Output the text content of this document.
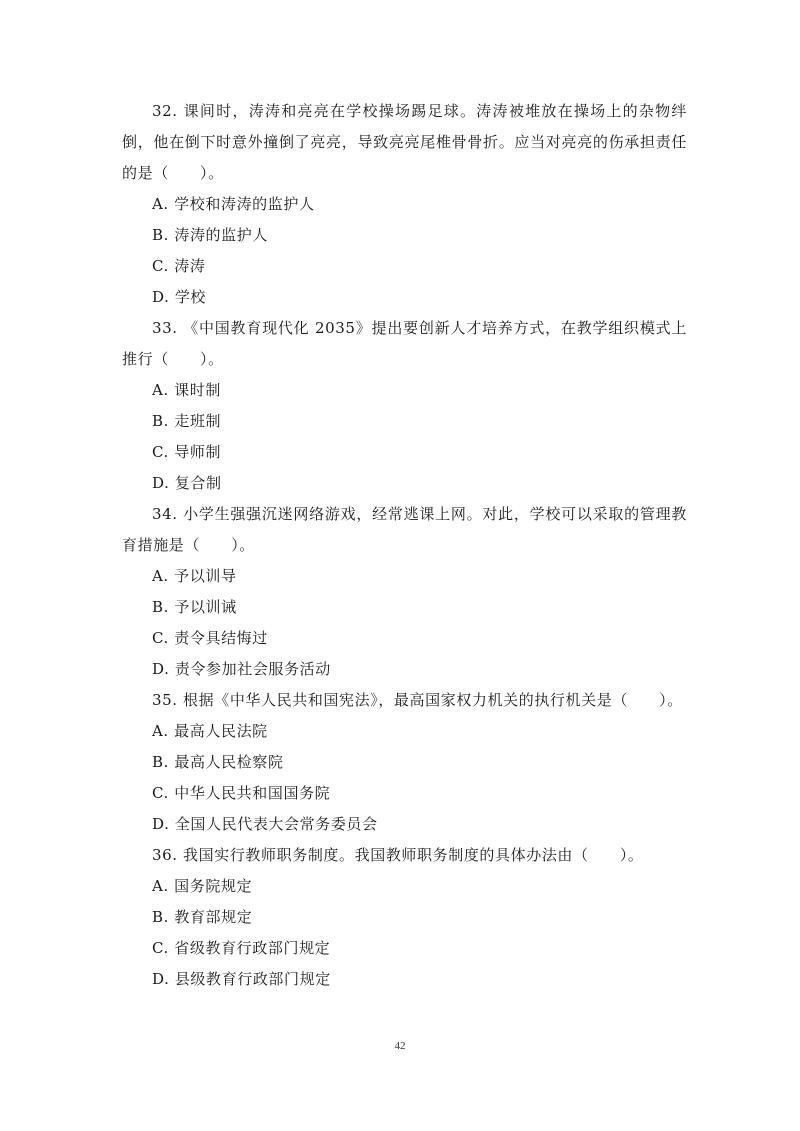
32. 课间时，涛涛和亮亮在学校操场踢足球。涛涛被堆放在操场上的杂物绊倒，他在倒下时意外撞倒了亮亮，导致亮亮尾椎骨骨折。应当对亮亮的伤承担责任的是（　　）。

A. 学校和涛涛的监护人

B. 涛涛的监护人

C. 涛涛

D. 学校

33. 《中国教育现代化 2035》提出要创新人才培养方式，在教学组织模式上推行（　　）。

A. 课时制

B. 走班制

C. 导师制

D. 复合制

34. 小学生强强沉迷网络游戏，经常逃课上网。对此，学校可以采取的管理教育措施是（　　）。

A. 予以训导

B. 予以训诫

C. 责令具结悔过

D. 责令参加社会服务活动

35. 根据《中华人民共和国宪法》，最高国家权力机关的执行机关是（　　）。

A. 最高人民法院

B. 最高人民检察院

C. 中华人民共和国国务院

D. 全国人民代表大会常务委员会

36. 我国实行教师职务制度。我国教师职务制度的具体办法由（　　）。

A. 国务院规定

B. 教育部规定

C. 省级教育行政部门规定

D. 县级教育行政部门规定

42
